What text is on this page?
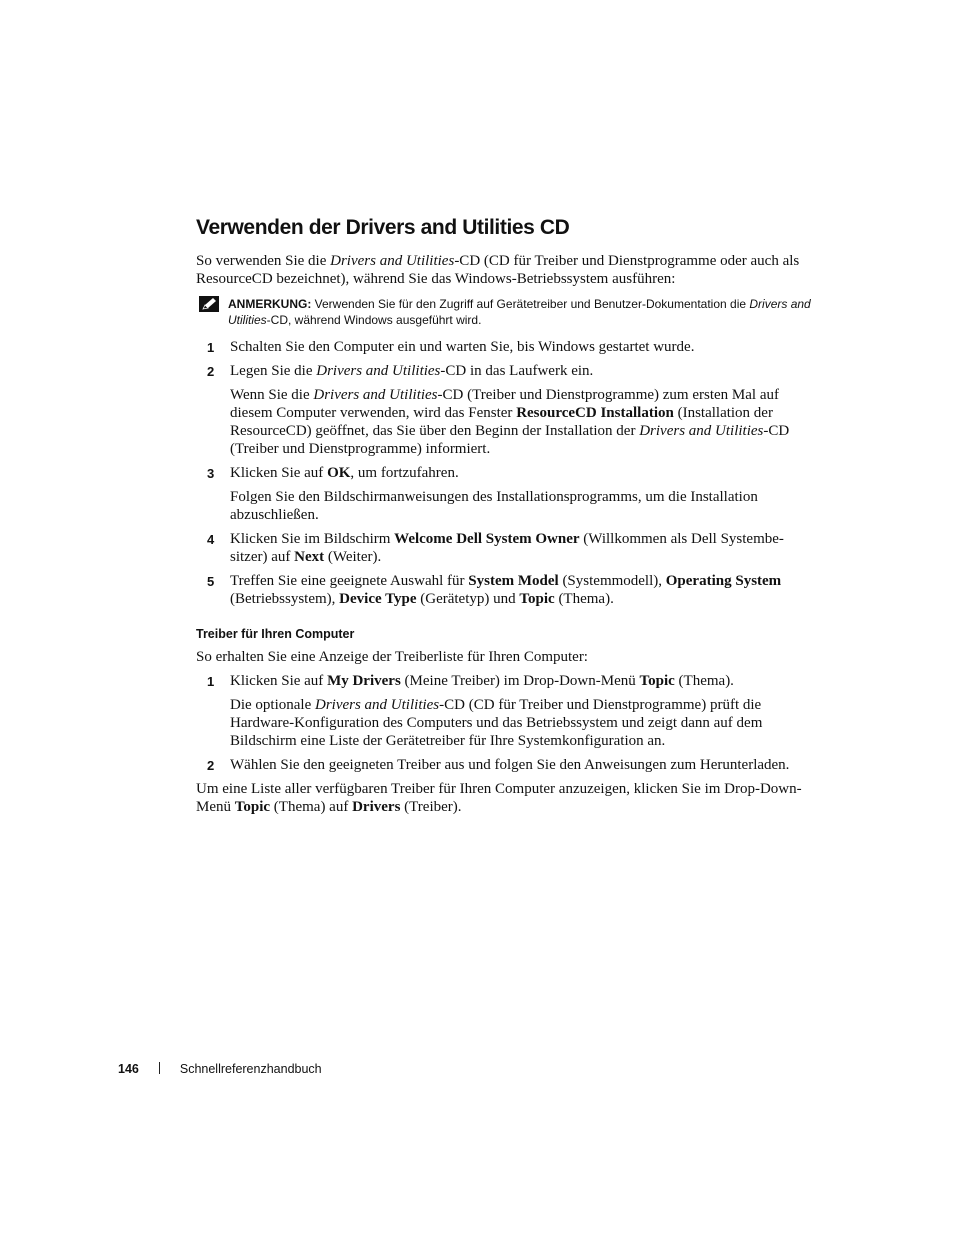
Verwenden der Drivers and Utilities CD

So verwenden Sie die Drivers and Utilities-CD (CD für Treiber und Dienstprogramme oder auch als ResourceCD bezeichnet), während Sie das Windows-Betriebssystem ausführen:

ANMERKUNG: Verwenden Sie für den Zugriff auf Gerätetreiber und Benutzer-Dokumentation die Drivers and Utilities-CD, während Windows ausgeführt wird.
1 Schalten Sie den Computer ein und warten Sie, bis Windows gestartet wurde.
2 Legen Sie die Drivers and Utilities-CD in das Laufwerk ein.

Wenn Sie die Drivers and Utilities-CD (Treiber und Dienstprogramme) zum ersten Mal auf diesem Computer verwenden, wird das Fenster ResourceCD Installation (Installation der ResourceCD) geöffnet, das Sie über den Beginn der Installation der Drivers and Utilities-CD (Treiber und Dienstprogramme) informiert.

3 Klicken Sie auf OK, um fortzufahren.

Folgen Sie den Bildschirmanweisungen des Installationsprogramms, um die Installation abzuschließen.

4 Klicken Sie im Bildschirm Welcome Dell System Owner (Willkommen als Dell Systembe-sitzer) auf Next (Weiter).
5 Treffen Sie eine geeignete Auswahl für System Model (Systemmodell), Operating System (Betriebssystem), Device Type (Gerätetyp) und Topic (Thema).
Treiber für Ihren Computer

So erhalten Sie eine Anzeige der Treiberliste für Ihren Computer:

1 Klicken Sie auf My Drivers (Meine Treiber) im Drop-Down-Menü Topic (Thema).

Die optionale Drivers and Utilities-CD (CD für Treiber und Dienstprogramme) prüft die Hardware-Konfiguration des Computers und das Betriebssystem und zeigt dann auf dem Bildschirm eine Liste der Gerätetreiber für Ihre Systemkonfiguration an.

2 Wählen Sie den geeigneten Treiber aus und folgen Sie den Anweisungen zum Herunterladen.

Um eine Liste aller verfügbaren Treiber für Ihren Computer anzuzeigen, klicken Sie im Drop-Down-Menü Topic (Thema) auf Drivers (Treiber).

146	Schnellreferenzhandbuch
